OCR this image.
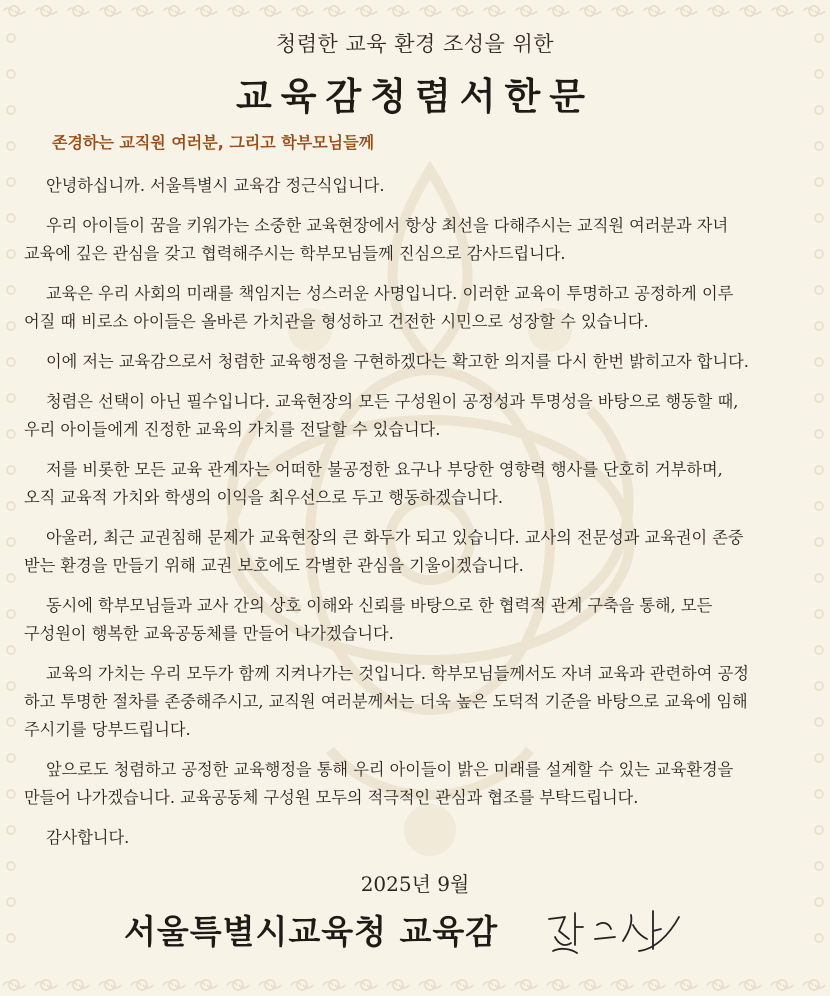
청렴한 교육 환경 조성을 위한
교육감청렴서한문
존경하는 교직원 여러분, 그리고 학부모님들께
안녕하십니까. 서울특별시 교육감 정근식입니다.
우리 아이들이 꿈을 키워가는 소중한 교육현장에서 항상 최선을 다해주시는 교직원 여러분과 자녀

교육에 깊은 관심을 갖고 협력해주시는 학부모님들께 진심으로 감사드립니다.
교육은 우리 사회의 미래를 책임지는 성스러운 사명입니다. 이러한 교육이 투명하고 공정하게 이루

어질 때 비로소 아이들은 올바른 가치관을 형성하고 건전한 시민으로 성장할 수 있습니다.
이에 저는 교육감으로서 청렴한 교육행정을 구현하겠다는 확고한 의지를 다시 한번 밝히고자 합니다.
청렴은 선택이 아닌 필수입니다. 교육현장의 모든 구성원이 공정성과 투명성을 바탕으로 행동할 때,

우리 아이들에게 진정한 교육의 가치를 전달할 수 있습니다.
저를 비롯한 모든 교육 관계자는 어떠한 불공정한 요구나 부당한 영향력 행사를 단호히 거부하며,

오직 교육적 가치와 학생의 이익을 최우선으로 두고 행동하겠습니다.
아울러, 최근 교권침해 문제가 교육현장의 큰 화두가 되고 있습니다. 교사의 전문성과 교육권이 존중

받는 환경을 만들기 위해 교권 보호에도 각별한 관심을 기울이겠습니다.
동시에 학부모님들과 교사 간의 상호 이해와 신뢰를 바탕으로 한 협력적 관계 구축을 통해, 모든

구성원이 행복한 교육공동체를 만들어 나가겠습니다.
교육의 가치는 우리 모두가 함께 지켜나가는 것입니다. 학부모님들께서도 자녀 교육과 관련하여 공정

하고 투명한 절차를 존중해주시고, 교직원 여러분께서는 더욱 높은 도덕적 기준을 바탕으로 교육에 임해
주시기를 당부드립니다.
앞으로도 청렴하고 공정한 교육행정을 통해 우리 아이들이 밝은 미래를 설계할 수 있는 교육환경을

만들어 나가겠습니다. 교육공동체 구성원 모두의 적극적인 관심과 협조를 부탁드립니다.
감사합니다.
2025년 9월
서울특별시교육청 교육감
